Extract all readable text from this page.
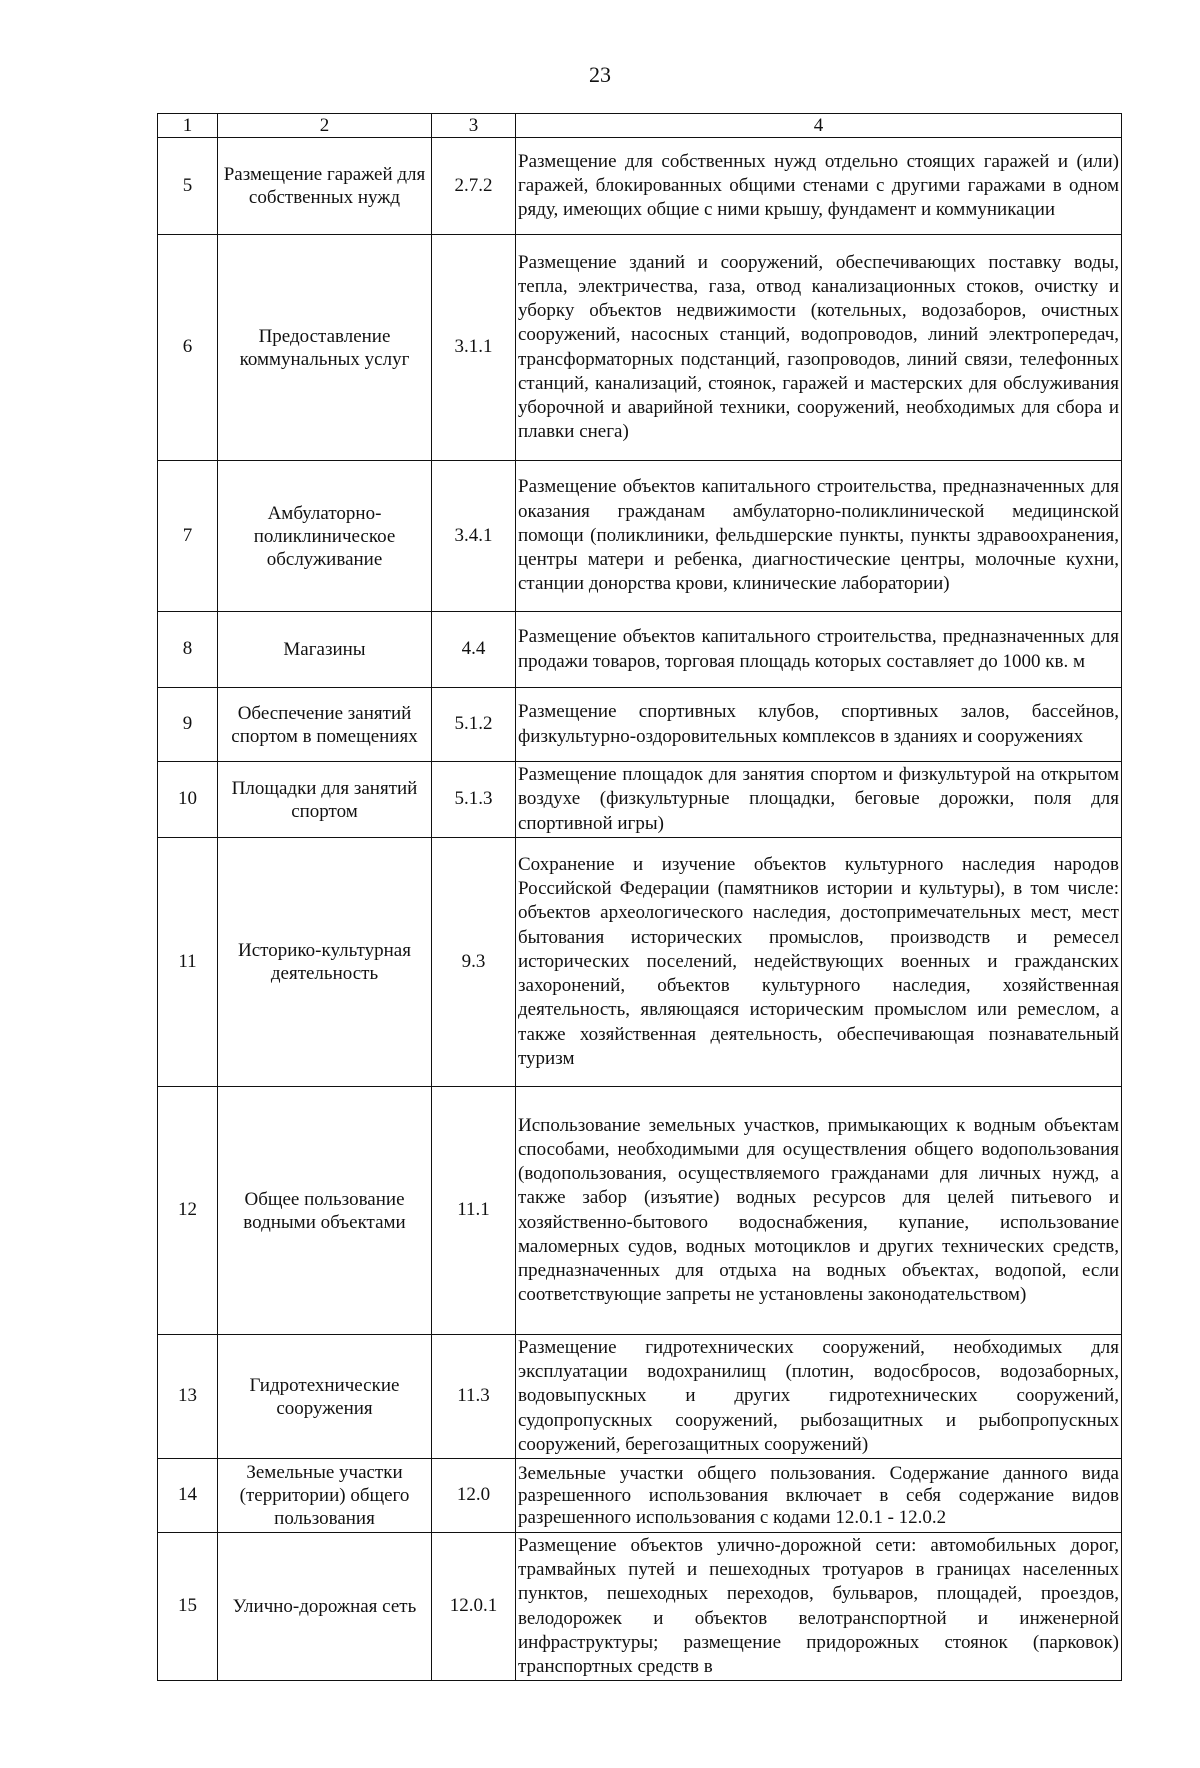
23
1	2	3	4
5	Размещение гаражей для собственных нужд	2.7.2	Размещение для собственных нужд отдельно стоящих гаражей и (или) гаражей, блокированных общими стенами с другими гаражами в одном ряду, имеющих общие с ними крышу, фундамент и коммуникации
6	Предоставление коммунальных услуг	3.1.1	Размещение зданий и сооружений, обеспечивающих поставку воды, тепла, электричества, газа, отвод канализационных стоков, очистку и уборку объектов недвижимости (котельных, водозаборов, очистных сооружений, насосных станций, водопроводов, линий электропередач, трансформаторных подстанций, газопроводов, линий связи, телефонных станций, канализаций, стоянок, гаражей и мастерских для обслуживания уборочной и аварийной техники, сооружений, необходимых для сбора и плавки снега)
7	Амбулаторно-поликлиническое обслуживание	3.4.1	Размещение объектов капитального строительства, предназначенных для оказания гражданам амбулаторно-поликлинической медицинской помощи (поликлиники, фельдшерские пункты, пункты здравоохранения, центры матери и ребенка, диагностические центры, молочные кухни, станции донорства крови, клинические лаборатории)
8	Магазины	4.4	Размещение объектов капитального строительства, предназначенных для продажи товаров, торговая площадь которых составляет до 1000 кв. м
9	Обеспечение занятий спортом в помещениях	5.1.2	Размещение спортивных клубов, спортивных залов, бассейнов, физкультурно-оздоровительных комплексов в зданиях и сооружениях
10	Площадки для занятий спортом	5.1.3	Размещение площадок для занятия спортом и физкультурой на открытом воздухе (физкультурные площадки, беговые дорожки, поля для спортивной игры)
11	Историко-культурная деятельность	9.3	Сохранение и изучение объектов культурного наследия народов Российской Федерации (памятников истории и культуры), в том числе: объектов археологического наследия, достопримечательных мест, мест бытования исторических промыслов, производств и ремесел исторических поселений, недействующих военных и гражданских захоронений, объектов культурного наследия, хозяйственная деятельность, являющаяся историческим промыслом или ремеслом, а также хозяйственная деятельность, обеспечивающая познавательный туризм
12	Общее пользование водными объектами	11.1	Использование земельных участков, примыкающих к водным объектам способами, необходимыми для осуществления общего водопользования (водопользования, осуществляемого гражданами для личных нужд, а также забор (изъятие) водных ресурсов для целей питьевого и хозяйственно-бытового водоснабжения, купание, использование маломерных судов, водных мотоциклов и других технических средств, предназначенных для отдыха на водных объектах, водопой, если соответствующие запреты не установлены законодательством)
13	Гидротехнические сооружения	11.3	Размещение гидротехнических сооружений, необходимых для эксплуатации водохранилищ (плотин, водосбросов, водозаборных, водовыпускных и других гидротехнических сооружений, судопропускных сооружений, рыбозащитных и рыбопропускных сооружений, берегозащитных сооружений)
14	Земельные участки (территории) общего пользования	12.0	Земельные участки общего пользования. Содержание данного вида разрешенного использования включает в себя содержание видов разрешенного использования с кодами 12.0.1 - 12.0.2
15	Улично-дорожная сеть	12.0.1	Размещение объектов улично-дорожной сети: автомобильных дорог, трамвайных путей и пешеходных тротуаров в границах населенных пунктов, пешеходных переходов, бульваров, площадей, проездов, велодорожек и объектов велотранспортной и инженерной инфраструктуры; размещение придорожных стоянок (парковок) транспортных средств в
